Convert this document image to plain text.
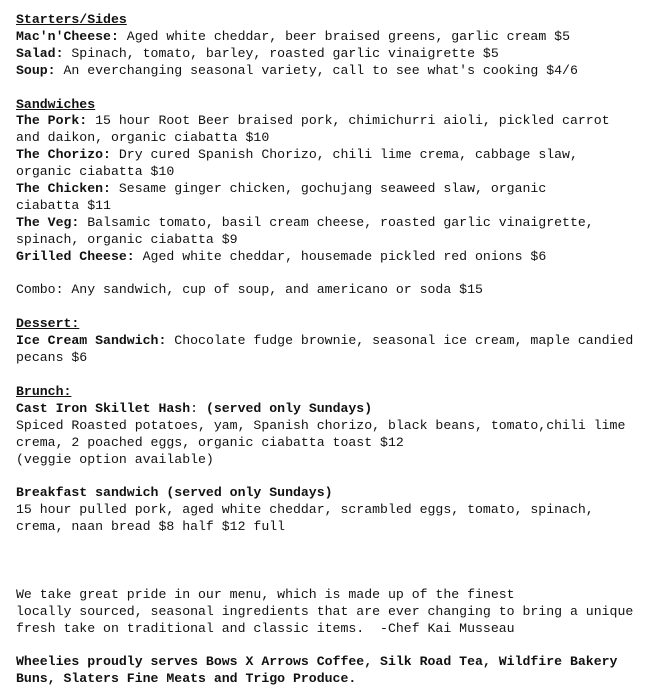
Starters/Sides
Mac'n'Cheese: Aged white cheddar, beer braised greens, garlic cream $5
Salad: Spinach, tomato, barley, roasted garlic vinaigrette $5
Soup: An everchanging seasonal variety, call to see what's cooking $4/6
Sandwiches
The Pork: 15 hour Root Beer braised pork, chimichurri aioli, pickled carrot
and daikon, organic ciabatta $10
The Chorizo: Dry cured Spanish Chorizo, chili lime crema, cabbage slaw,
organic ciabatta $10
The Chicken: Sesame ginger chicken, gochujang seaweed slaw, organic
ciabatta $11
The Veg: Balsamic tomato, basil cream cheese, roasted garlic vinaigrette,
spinach, organic ciabatta $9
Grilled Cheese: Aged white cheddar, housemade pickled red onions $6
Combo: Any sandwich, cup of soup, and americano or soda $15
Dessert:
Ice Cream Sandwich: Chocolate fudge brownie, seasonal ice cream, maple candied
pecans $6
Brunch:
Cast Iron Skillet Hash: (served only Sundays)
Spiced Roasted potatoes, yam, Spanish chorizo, black beans, tomato,chili lime
crema, 2 poached eggs, organic ciabatta toast $12
(veggie option available)
Breakfast sandwich (served only Sundays)
15 hour pulled pork, aged white cheddar, scrambled eggs, tomato, spinach,
crema, naan bread $8 half $12 full
We take great pride in our menu, which is made up of the finest
locally sourced, seasonal ingredients that are ever changing to bring a unique
fresh take on traditional and classic items.  -Chef Kai Musseau
Wheelies proudly serves Bows X Arrows Coffee, Silk Road Tea, Wildfire Bakery
Buns, Slaters Fine Meats and Trigo Produce.
